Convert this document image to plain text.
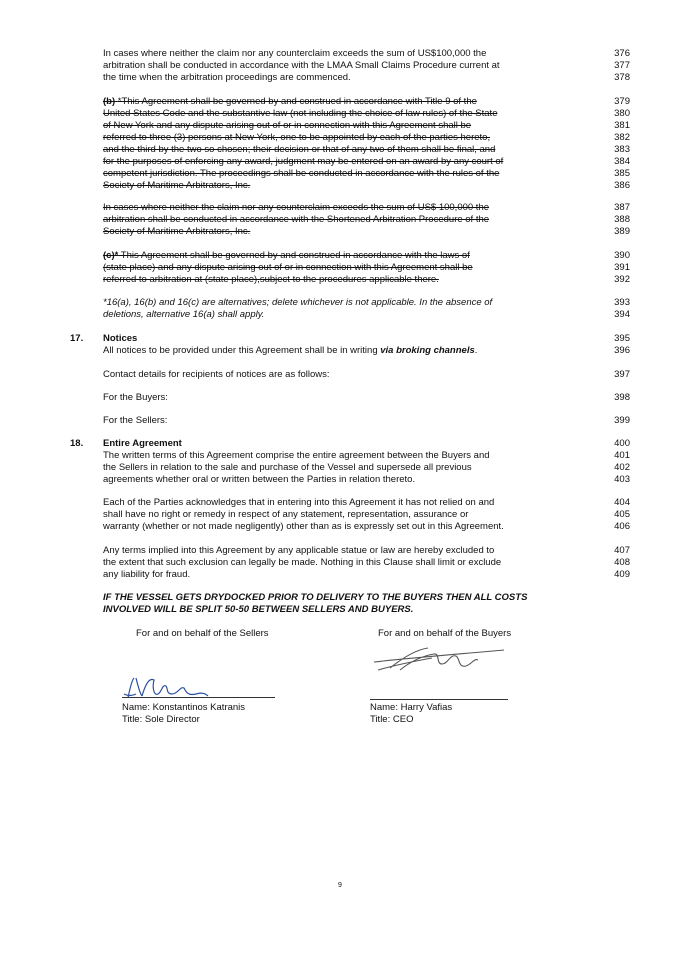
In cases where neither the claim nor any counterclaim exceeds the sum of US$100,000 the	376
arbitration shall be conducted in accordance with the LMAA Small Claims Procedure current at	377
the time when the arbitration proceedings are commenced.	378
(b) *This Agreement shall be governed by and construed in accordance with Title 9 of the	379
United States Code and the substantive law (not including the choice of law rules) of the State	380
of New York and any dispute arising out of or in connection with this Agreement shall be	381
referred to three (3) persons at New York, one to be appointed by each of the parties hereto,	382
and the third by the two so chosen; their decision or that of any two of them shall be final, and	383
for the purposes of enforcing any award, judgment may be entered on an award by any court of	384
competent jurisdiction. The proceedings shall be conducted in accordance with the rules of the	385
Society of Maritime Arbitrators, Inc.	386
In cases where neither the claim nor any counterclaim exceeds the sum of US$ 100,000 the	387
arbitration shall be conducted in accordance with the Shortened Arbitration Procedure of the	388
Society of Maritime Arbitrators, Inc.	389
(c)* This Agreement shall be governed by and construed in accordance with the laws of	390
(state place) and any dispute arising out of or in connection with this Agreement shall be	391
referred to arbitration at (state place),subject to the procedures applicable there.	392
*16(a), 16(b) and 16(c) are alternatives; delete whichever is not applicable. In the absence of	393
deletions, alternative 16(a) shall apply.	394
17. Notices	395
All notices to be provided under this Agreement shall be in writing via broking channels.	396
Contact details for recipients of notices are as follows:	397
For the Buyers:	398
For the Sellers:	399
18. Entire Agreement	400
The written terms of this Agreement comprise the entire agreement between the Buyers and	401
the Sellers in relation to the sale and purchase of the Vessel and supersede all previous	402
agreements whether oral or written between the Parties in relation thereto.	403
Each of the Parties acknowledges that in entering into this Agreement it has not relied on and	404
shall have no right or remedy in respect of any statement, representation, assurance or	405
warranty (whether or not made negligently) other than as is expressly set out in this Agreement.	406
Any terms implied into this Agreement by any applicable statue or law are hereby excluded to	407
the extent that such exclusion can legally be made. Nothing in this Clause shall limit or exclude	408
any liability for fraud.	409
IF THE VESSEL GETS DRYDOCKED PRIOR TO DELIVERY TO THE BUYERS THEN ALL COSTS
INVOLVED WILL BE SPLIT 50-50 BETWEEN SELLERS AND BUYERS.
For and on behalf of the Sellers	For and on behalf of the Buyers
Name: Konstantinos Katranis
Title: Sole Director
Name: Harry Vafias
Title: CEO
9
